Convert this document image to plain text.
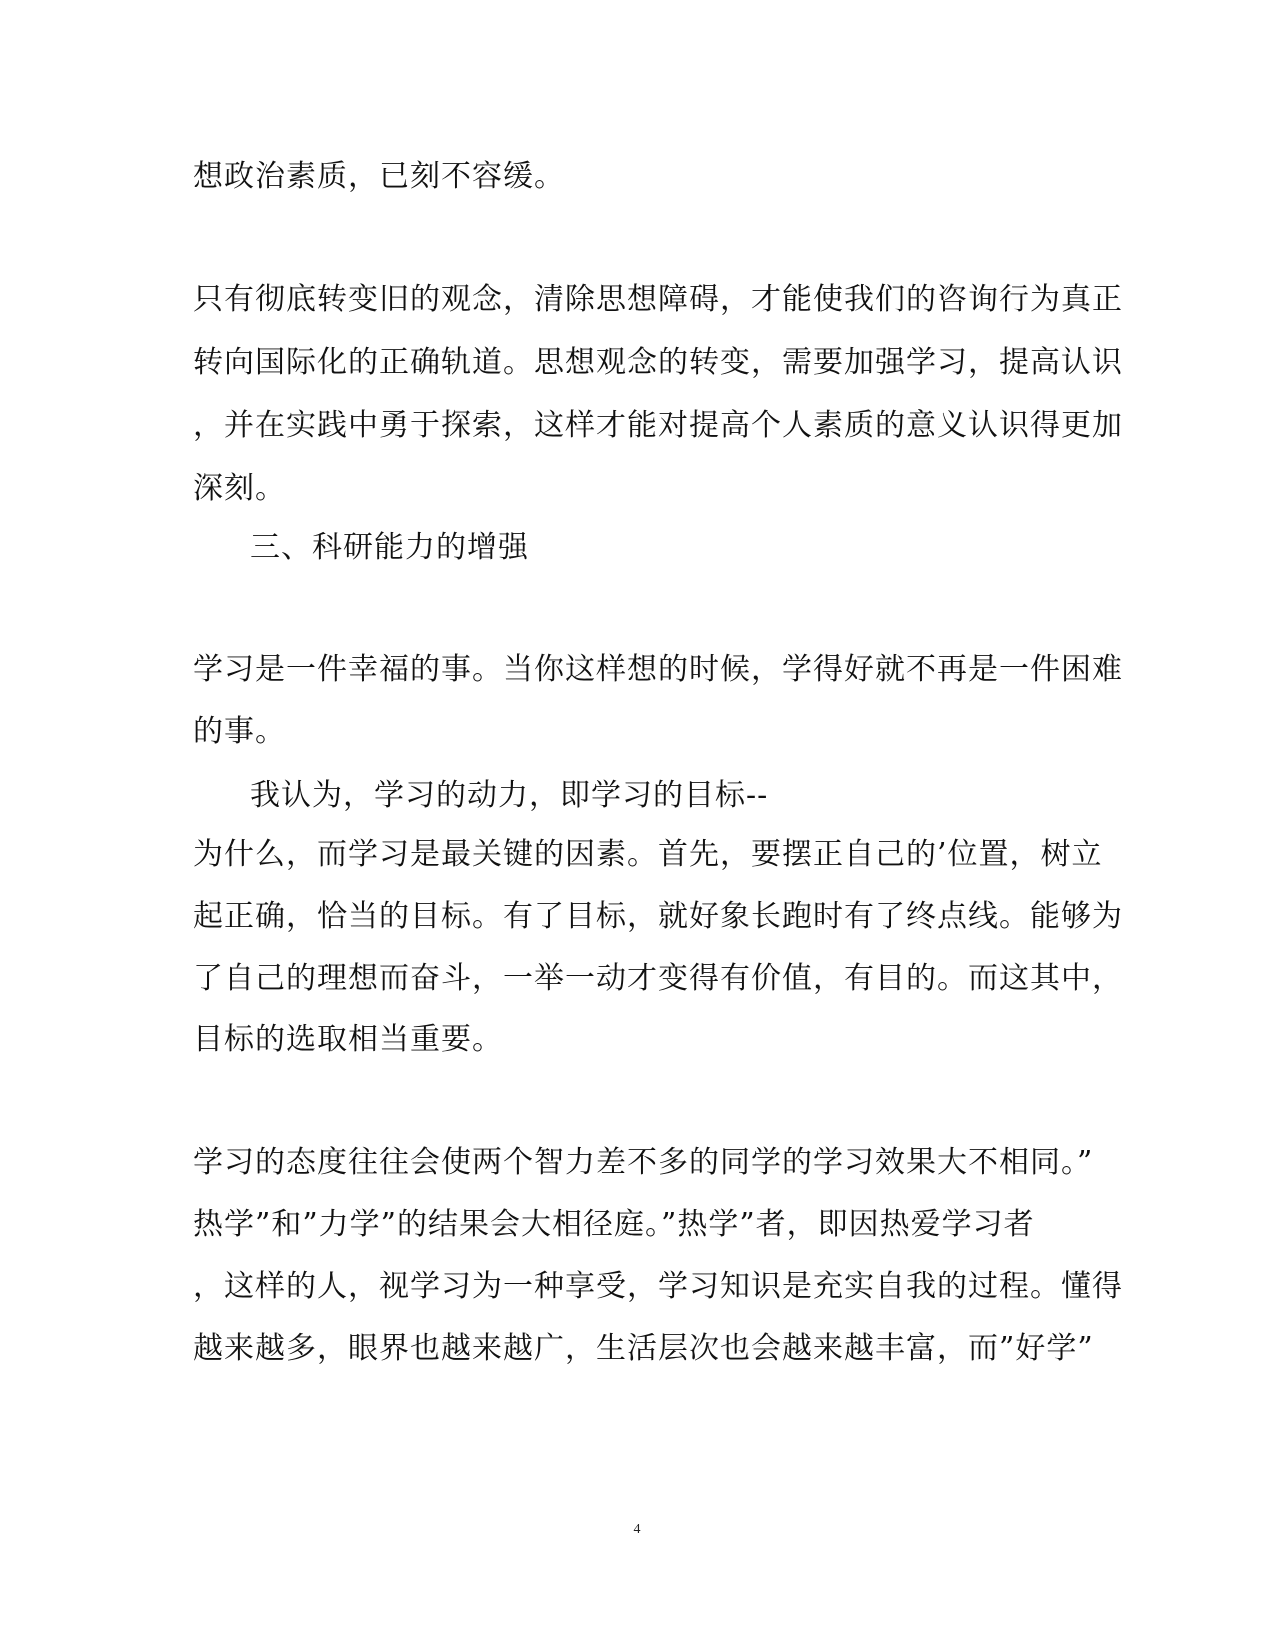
想政治素质，已刻不容缓。
只有彻底转变旧的观念，清除思想障碍，才能使我们的咨询行为真正
转向国际化的正确轨道。思想观念的转变，需要加强学习，提高认识
，并在实践中勇于探索，这样才能对提高个人素质的意义认识得更加
深刻。
三、科研能力的增强
学习是一件幸福的事。当你这样想的时候，学得好就不再是一件困难
的事。
我认为，学习的动力，即学习的目标--
为什么，而学习是最关键的因素。首先，要摆正自己的’位置，树立
起正确，恰当的目标。有了目标，就好象长跑时有了终点线。能够为
了自己的理想而奋斗，一举一动才变得有价值，有目的。而这其中，
目标的选取相当重要。
学习的态度往往会使两个智力差不多的同学的学习效果大不相同。”
热学”和”力学”的结果会大相径庭。”热学”者，即因热爱学习者
，这样的人，视学习为一种享受，学习知识是充实自我的过程。懂得
越来越多，眼界也越来越广，生活层次也会越来越丰富，而”好学”
4
